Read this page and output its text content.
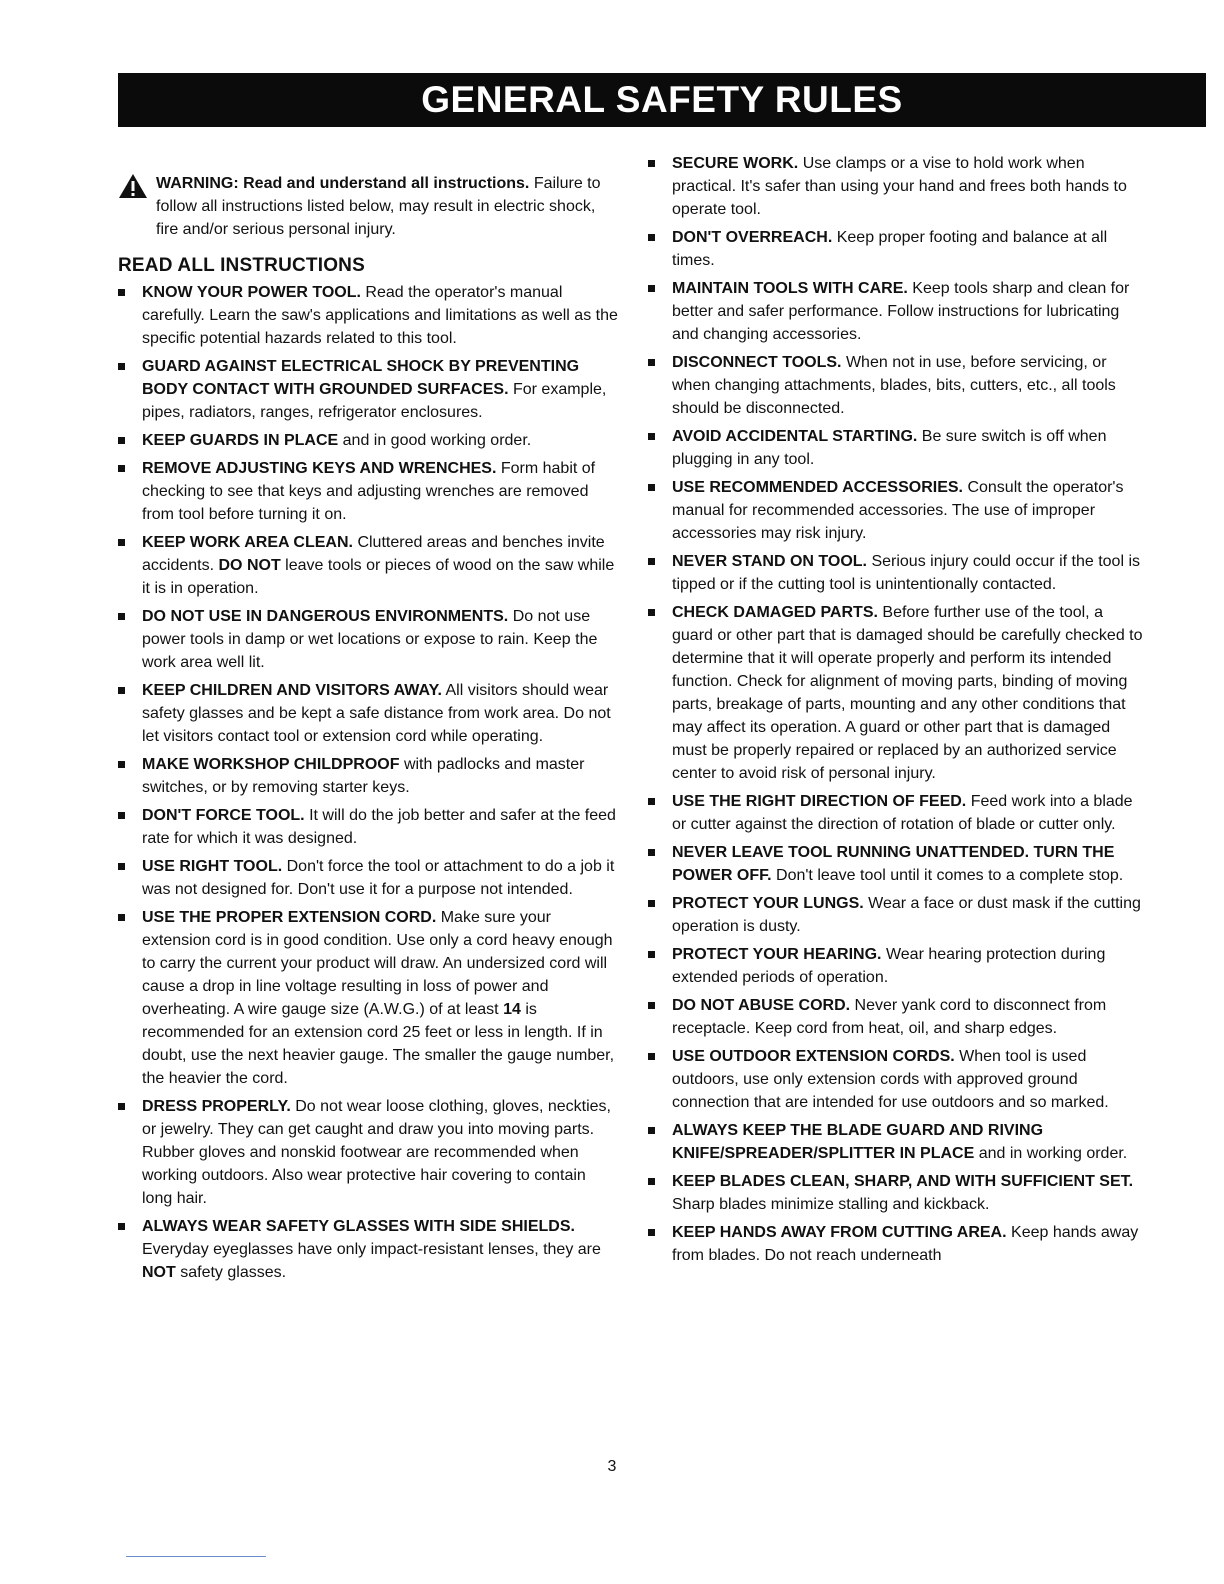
GENERAL SAFETY RULES
WARNING: Read and understand all instructions. Failure to follow all instructions listed below, may result in electric shock, fire and/or serious personal injury.
READ ALL INSTRUCTIONS
KNOW YOUR POWER TOOL. Read the operator's manual carefully. Learn the saw's applications and limitations as well as the specific potential hazards related to this tool.
GUARD AGAINST ELECTRICAL SHOCK BY PREVENTING BODY CONTACT WITH GROUNDED SURFACES. For example, pipes, radiators, ranges, refrigerator enclosures.
KEEP GUARDS IN PLACE and in good working order.
REMOVE ADJUSTING KEYS AND WRENCHES. Form habit of checking to see that keys and adjusting wrenches are removed from tool before turning it on.
KEEP WORK AREA CLEAN. Cluttered areas and benches invite accidents. DO NOT leave tools or pieces of wood on the saw while it is in operation.
DO NOT USE IN DANGEROUS ENVIRONMENTS. Do not use power tools in damp or wet locations or expose to rain. Keep the work area well lit.
KEEP CHILDREN AND VISITORS AWAY. All visitors should wear safety glasses and be kept a safe distance from work area. Do not let visitors contact tool or extension cord while operating.
MAKE WORKSHOP CHILDPROOF with padlocks and master switches, or by removing starter keys.
DON'T FORCE TOOL. It will do the job better and safer at the feed rate for which it was designed.
USE RIGHT TOOL. Don't force the tool or attachment to do a job it was not designed for. Don't use it for a purpose not intended.
USE THE PROPER EXTENSION CORD. Make sure your extension cord is in good condition. Use only a cord heavy enough to carry the current your product will draw. An undersized cord will cause a drop in line voltage resulting in loss of power and overheating. A wire gauge size (A.W.G.) of at least 14 is recommended for an extension cord 25 feet or less in length. If in doubt, use the next heavier gauge. The smaller the gauge number, the heavier the cord.
DRESS PROPERLY. Do not wear loose clothing, gloves, neckties, or jewelry. They can get caught and draw you into moving parts. Rubber gloves and nonskid footwear are recommended when working outdoors. Also wear protective hair covering to contain long hair.
ALWAYS WEAR SAFETY GLASSES WITH SIDE SHIELDS. Everyday eyeglasses have only impact-resistant lenses, they are NOT safety glasses.
SECURE WORK. Use clamps or a vise to hold work when practical. It's safer than using your hand and frees both hands to operate tool.
DON'T OVERREACH. Keep proper footing and balance at all times.
MAINTAIN TOOLS WITH CARE. Keep tools sharp and clean for better and safer performance. Follow instructions for lubricating and changing accessories.
DISCONNECT TOOLS. When not in use, before servicing, or when changing attachments, blades, bits, cutters, etc., all tools should be disconnected.
AVOID ACCIDENTAL STARTING. Be sure switch is off when plugging in any tool.
USE RECOMMENDED ACCESSORIES. Consult the operator's manual for recommended accessories. The use of improper accessories may risk injury.
NEVER STAND ON TOOL. Serious injury could occur if the tool is tipped or if the cutting tool is unintentionally contacted.
CHECK DAMAGED PARTS. Before further use of the tool, a guard or other part that is damaged should be carefully checked to determine that it will operate properly and perform its intended function. Check for alignment of moving parts, binding of moving parts, breakage of parts, mounting and any other conditions that may affect its operation. A guard or other part that is damaged must be properly repaired or replaced by an authorized service center to avoid risk of personal injury.
USE THE RIGHT DIRECTION OF FEED. Feed work into a blade or cutter against the direction of rotation of blade or cutter only.
NEVER LEAVE TOOL RUNNING UNATTENDED. TURN THE POWER OFF. Don't leave tool until it comes to a complete stop.
PROTECT YOUR LUNGS. Wear a face or dust mask if the cutting operation is dusty.
PROTECT YOUR HEARING. Wear hearing protection during extended periods of operation.
DO NOT ABUSE CORD. Never yank cord to disconnect from receptacle. Keep cord from heat, oil, and sharp edges.
USE OUTDOOR EXTENSION CORDS. When tool is used outdoors, use only extension cords with approved ground connection that are intended for use outdoors and so marked.
ALWAYS KEEP THE BLADE GUARD AND RIVING KNIFE/SPREADER/SPLITTER IN PLACE and in working order.
KEEP BLADES CLEAN, SHARP, AND WITH SUFFICIENT SET. Sharp blades minimize stalling and kickback.
KEEP HANDS AWAY FROM CUTTING AREA. Keep hands away from blades. Do not reach underneath
3
